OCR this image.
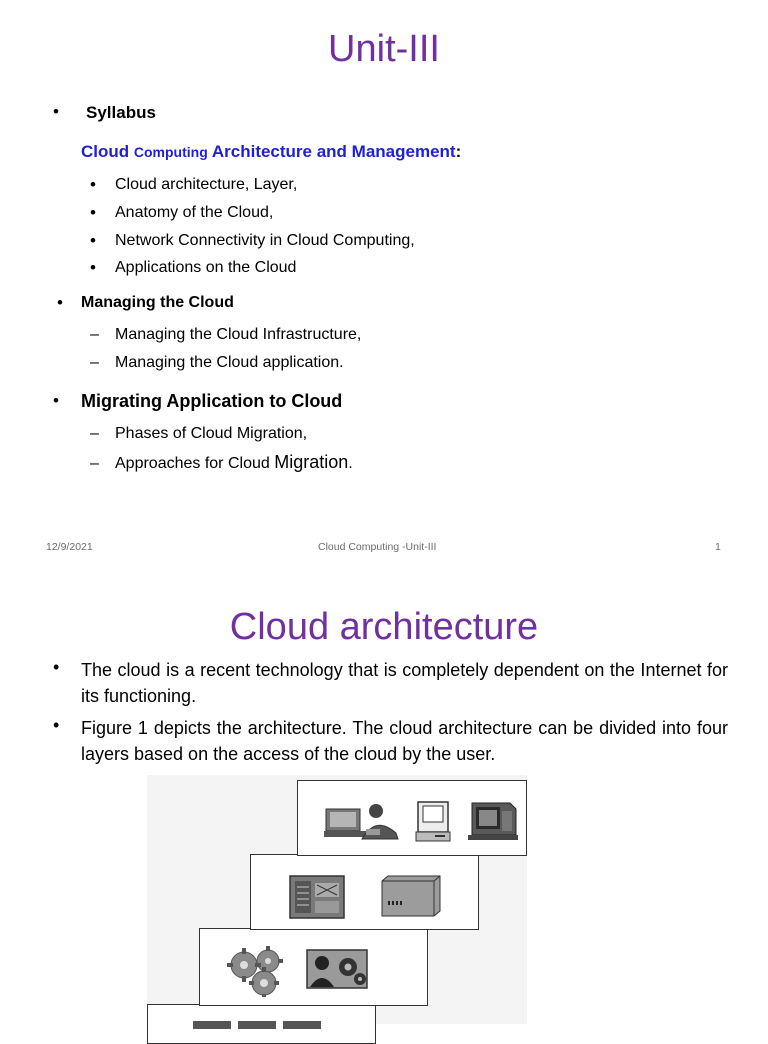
Unit-III
• Syllabus
Cloud Computing Architecture and Management:
• Cloud architecture, Layer,
• Anatomy of the Cloud,
• Network Connectivity in Cloud Computing,
• Applications on the Cloud
• Managing the Cloud
– Managing the Cloud Infrastructure,
– Managing the Cloud application.
• Migrating Application to Cloud
– Phases of Cloud Migration,
– Approaches for Cloud Migration.
12/9/2021	Cloud Computing -Unit-III	1
Cloud architecture
• The cloud is a recent technology that is completely dependent on the Internet for its functioning.
• Figure 1 depicts the architecture. The cloud architecture can be divided into four layers based on the access of the cloud by the user.
